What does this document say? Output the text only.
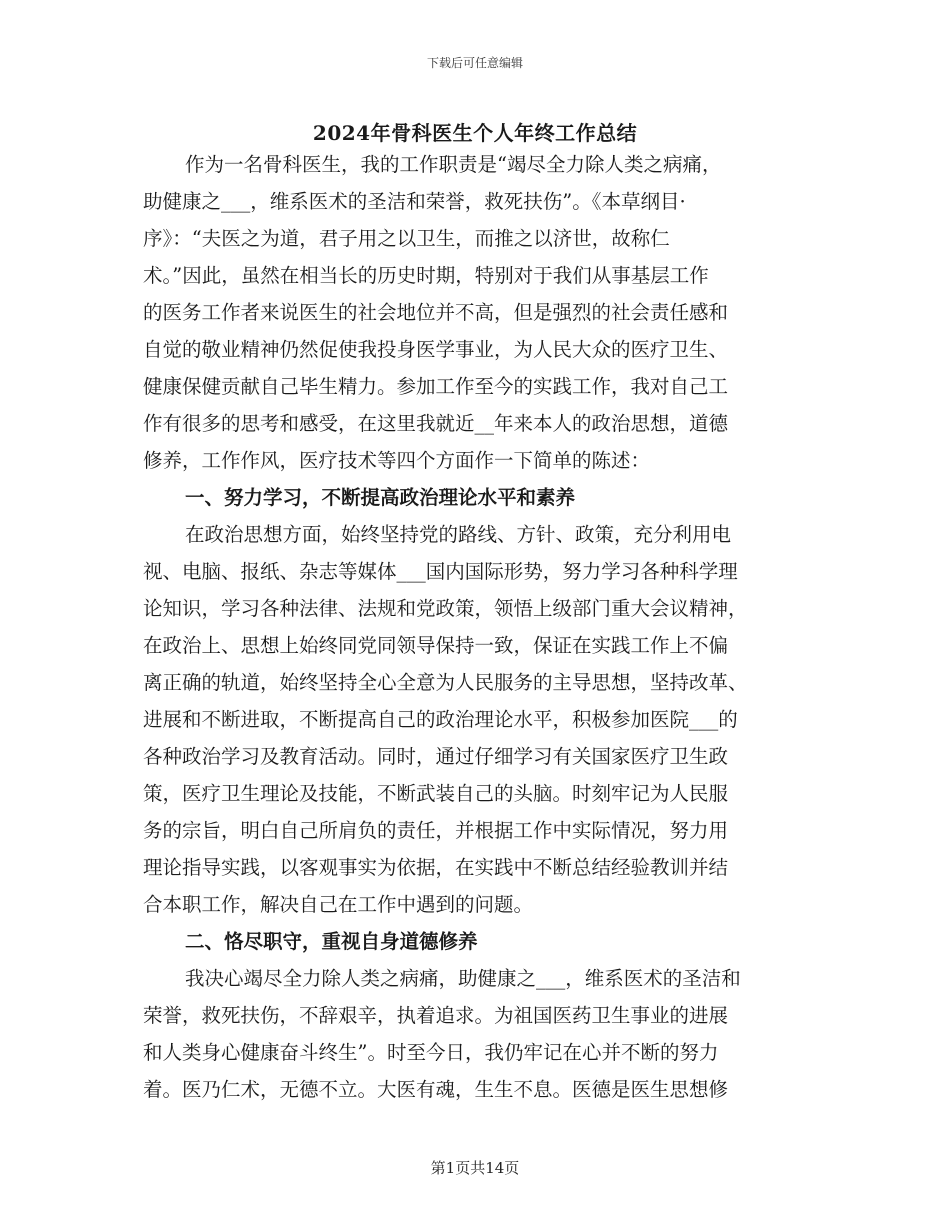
下载后可任意编辑
2024年骨科医生个人年终工作总结
作为一名骨科医生，我的工作职责是“竭尽全力除人类之病痛，
助健康之___，维系医术的圣洁和荣誉，救死扶伤”。《本草纲目·
序》：“夫医之为道，君子用之以卫生，而推之以济世，故称仁
术。”因此，虽然在相当长的历史时期，特别对于我们从事基层工作
的医务工作者来说医生的社会地位并不高，但是强烈的社会责任感和
自觉的敬业精神仍然促使我投身医学事业，为人民大众的医疗卫生、
健康保健贡献自己毕生精力。参加工作至今的实践工作，我对自己工
作有很多的思考和感受，在这里我就近__年来本人的政治思想，道德
修养，工作作风，医疗技术等四个方面作一下简单的陈述：
一、努力学习，不断提高政治理论水平和素养
在政治思想方面，始终坚持党的路线、方针、政策，充分利用电
视、电脑、报纸、杂志等媒体___国内国际形势，努力学习各种科学理
论知识，学习各种法律、法规和党政策，领悟上级部门重大会议精神，
在政治上、思想上始终同党同领导保持一致，保证在实践工作上不偏
离正确的轨道，始终坚持全心全意为人民服务的主导思想，坚持改革、
进展和不断进取，不断提高自己的政治理论水平，积极参加医院___的
各种政治学习及教育活动。同时，通过仔细学习有关国家医疗卫生政
策，医疗卫生理论及技能，不断武装自己的头脑。时刻牢记为人民服
务的宗旨，明白自己所肩负的责任，并根据工作中实际情况，努力用
理论指导实践，以客观事实为依据，在实践中不断总结经验教训并结
合本职工作，解决自己在工作中遇到的问题。
二、恪尽职守，重视自身道德修养
我决心竭尽全力除人类之病痛，助健康之___，维系医术的圣洁和
荣誉，救死扶伤，不辞艰辛，执着追求。为祖国医药卫生事业的进展
和人类身心健康奋斗终生”。时至今日，我仍牢记在心并不断的努力
着。医乃仁术，无德不立。大医有魂，生生不息。医德是医生思想修
第1页共14页
